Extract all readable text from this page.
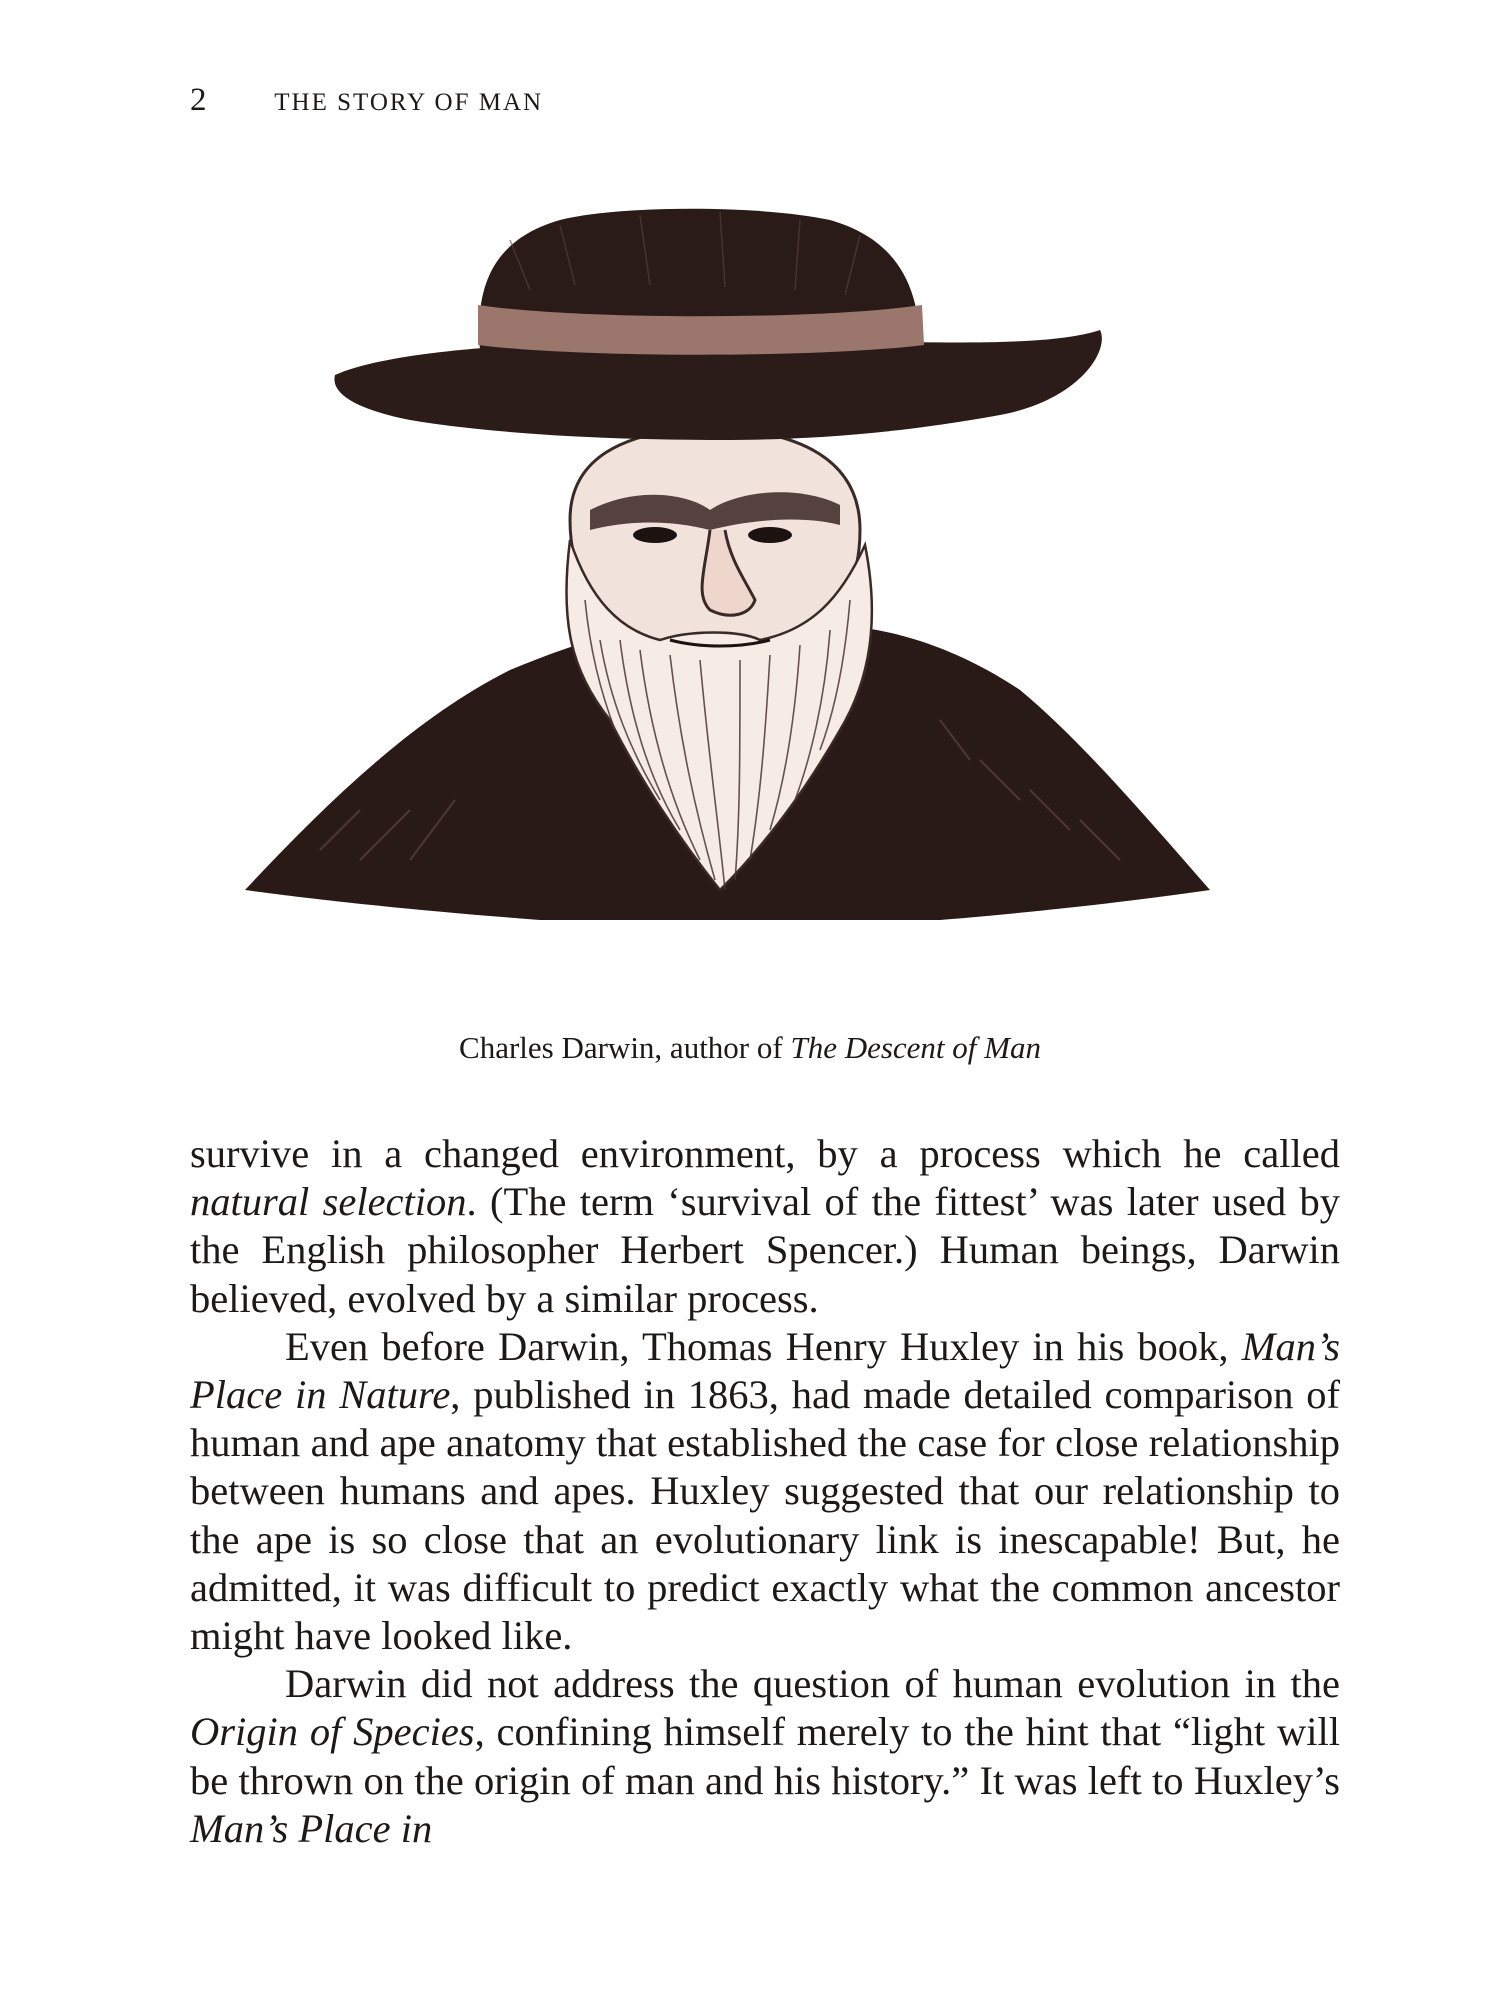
2	THE STORY OF MAN
Charles Darwin, author of The Descent of Man

survive in a changed environment, by a process which he called natural selection. (The term ‘survival of the fittest’ was later used by the English philosopher Herbert Spencer.) Human beings, Darwin believed, evolved by a similar process.

Even before Darwin, Thomas Henry Huxley in his book, Man’s Place in Nature, published in 1863, had made detailed comparison of human and ape anatomy that established the case for close relationship between humans and apes. Huxley suggested that our relationship to the ape is so close that an evolutionary link is inescapable! But, he admitted, it was difficult to predict exactly what the common ancestor might have looked like.

Darwin did not address the question of human evolution in the Origin of Species, confining himself merely to the hint that “light will be thrown on the origin of man and his history.” It was left to Huxley’s Man’s Place in
